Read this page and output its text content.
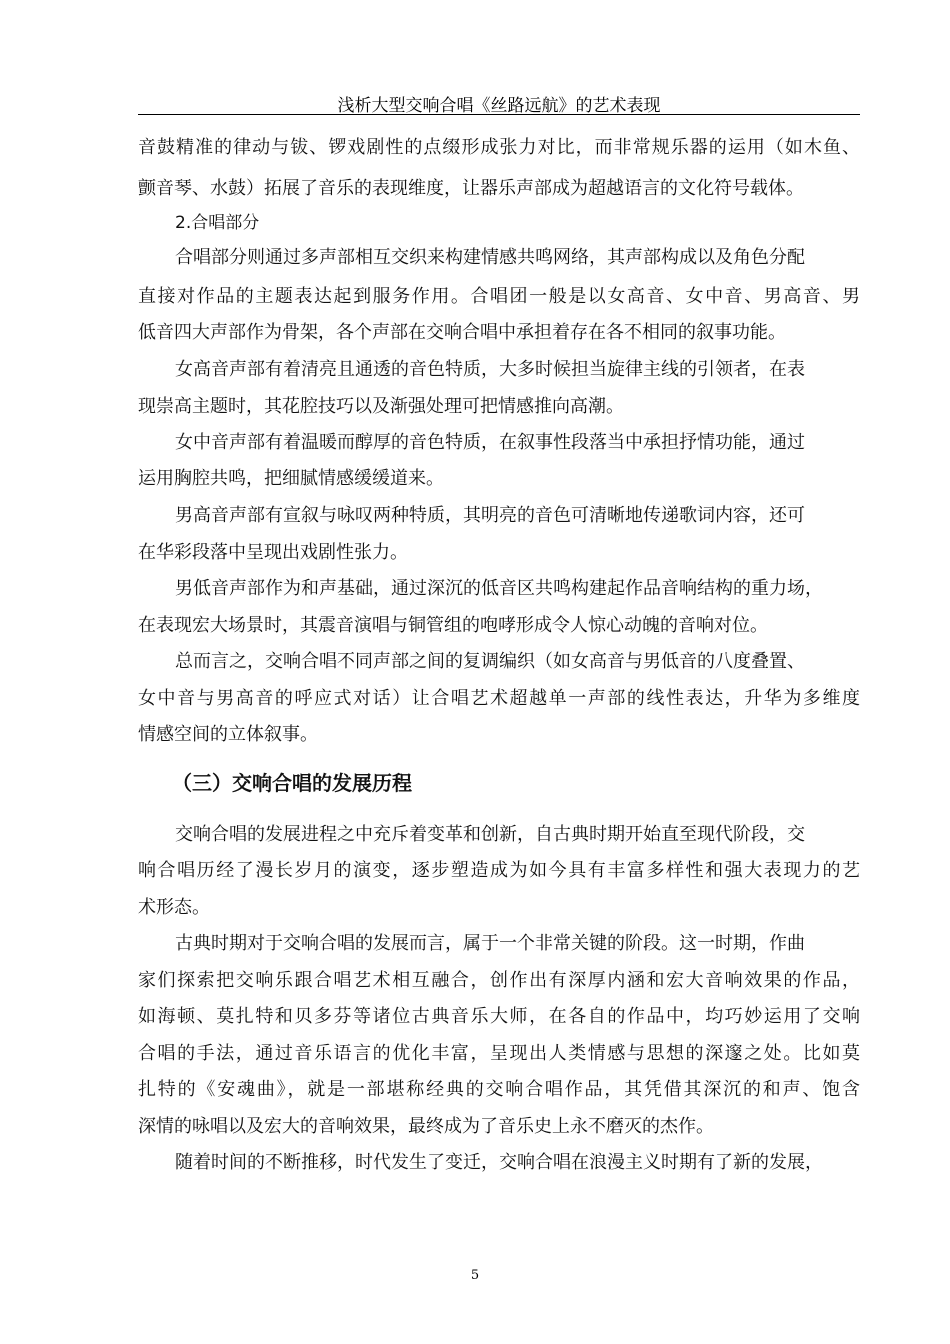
浅析大型交响合唱《丝路远航》的艺术表现
音鼓精准的律动与钹、锣戏剧性的点缀形成张力对比，而非常规乐器的运用（如木鱼、
颤音琴、水鼓）拓展了音乐的表现维度，让器乐声部成为超越语言的文化符号载体。
2.合唱部分
合唱部分则通过多声部相互交织来构建情感共鸣网络，其声部构成以及角色分配
直接对作品的主题表达起到服务作用。合唱团一般是以女高音、女中音、男高音、男
低音四大声部作为骨架，各个声部在交响合唱中承担着存在各不相同的叙事功能。
女高音声部有着清亮且通透的音色特质，大多时候担当旋律主线的引领者，在表
现崇高主题时，其花腔技巧以及渐强处理可把情感推向高潮。
女中音声部有着温暖而醇厚的音色特质，在叙事性段落当中承担抒情功能，通过
运用胸腔共鸣，把细腻情感缓缓道来。
男高音声部有宣叙与咏叹两种特质，其明亮的音色可清晰地传递歌词内容，还可
在华彩段落中呈现出戏剧性张力。
男低音声部作为和声基础，通过深沉的低音区共鸣构建起作品音响结构的重力场，
在表现宏大场景时，其震音演唱与铜管组的咆哮形成令人惊心动魄的音响对位。
总而言之，交响合唱不同声部之间的复调编织（如女高音与男低音的八度叠置、
女中音与男高音的呼应式对话）让合唱艺术超越单一声部的线性表达，升华为多维度
情感空间的立体叙事。
（三）交响合唱的发展历程
交响合唱的发展进程之中充斥着变革和创新，自古典时期开始直至现代阶段，交
响合唱历经了漫长岁月的演变，逐步塑造成为如今具有丰富多样性和强大表现力的艺
术形态。
古典时期对于交响合唱的发展而言，属于一个非常关键的阶段。这一时期，作曲
家们探索把交响乐跟合唱艺术相互融合，创作出有深厚内涵和宏大音响效果的作品，
如海顿、莫扎特和贝多芬等诸位古典音乐大师，在各自的作品中，均巧妙运用了交响
合唱的手法，通过音乐语言的优化丰富，呈现出人类情感与思想的深邃之处。比如莫
扎特的《安魂曲》，就是一部堪称经典的交响合唱作品，其凭借其深沉的和声、饱含
深情的咏唱以及宏大的音响效果，最终成为了音乐史上永不磨灭的杰作。
随着时间的不断推移，时代发生了变迁，交响合唱在浪漫主义时期有了新的发展，
5
